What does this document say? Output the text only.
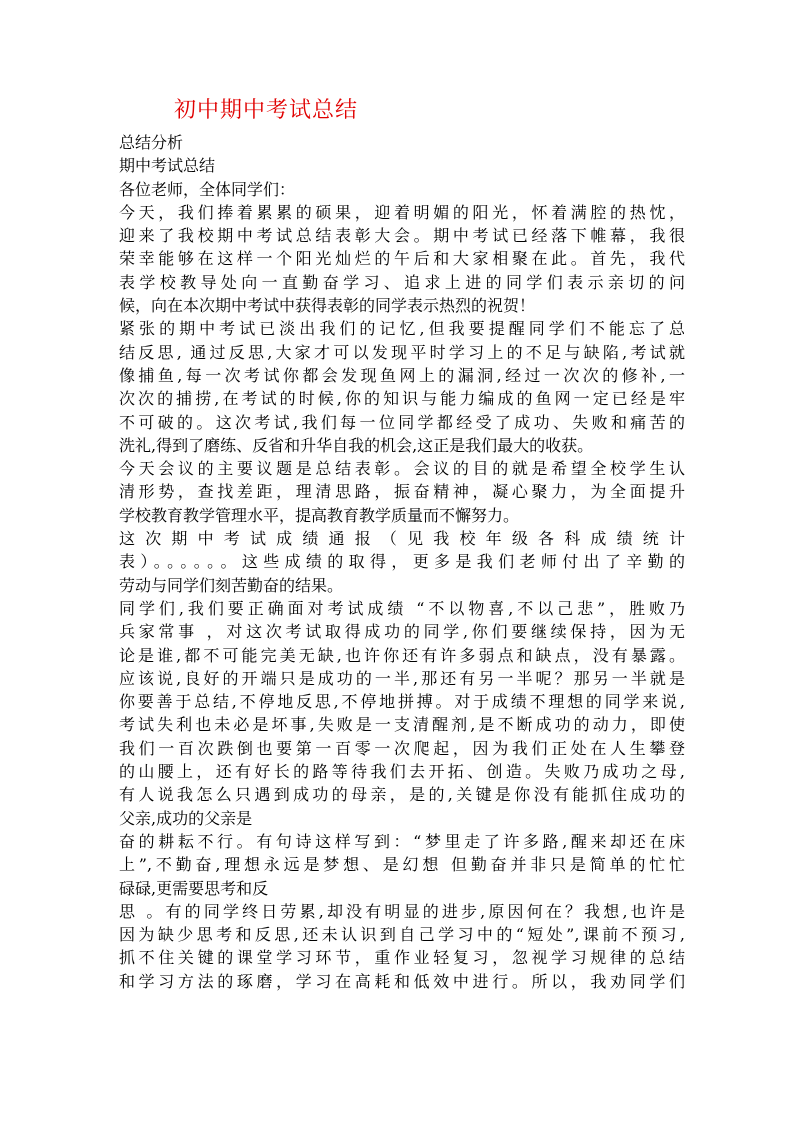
初中期中考试总结
总结分析
期中考试总结
各位老师，全体同学们：
今天，我们捧着累累的硕果，迎着明媚的阳光，怀着满腔的热忱，
迎来了我校期中考试总结表彰大会。期中考试已经落下帷幕，我很
荣幸能够在这样一个阳光灿烂的午后和大家相聚在此。首先，我代
表学校教导处向一直勤奋学习、追求上进的同学们表示亲切的问
候，向在本次期中考试中获得表彰的同学表示热烈的祝贺！
紧张的期中考试已淡出我们的记忆,但我要提醒同学们不能忘了总
结反思, 通过反思,大家才可以发现平时学习上的不足与缺陷,考试就
像捕鱼,每一次考试你都会发现鱼网上的漏洞,经过一次次的修补,一
次次的捕捞,在考试的时候,你的知识与能力编成的鱼网一定已经是牢
不可破的。这次考试,我们每一位同学都经受了成功、失败和痛苦的
洗礼,得到了磨练、反省和升华自我的机会,这正是我们最大的收获。
今天会议的主要议题是总结表彰。会议的目的就是希望全校学生认
清形势，查找差距，理清思路，振奋精神，凝心聚力，为全面提升
学校教育教学管理水平，提高教育教学质量而不懈努力。
这次期中考试成绩通报（见我校年级各科成绩统计
表）。。。。。。这些成绩的取得，更多是我们老师付出了辛勤的
劳动与同学们刻苦勤奋的结果。
同学们,我们要正确面对考试成绩 “不以物喜,不以己悲”，胜败乃
兵家常事 ，对这次考试取得成功的同学,你们要继续保持，因为无
论是谁,都不可能完美无缺,也许你还有许多弱点和缺点，没有暴露。
应该说,良好的开端只是成功的一半,那还有另一半呢？那另一半就是
你要善于总结,不停地反思,不停地拼搏。对于成绩不理想的同学来说,
考试失利也未必是坏事,失败是一支清醒剂,是不断成功的动力，即使
我们一百次跌倒也要第一百零一次爬起，因为我们正处在人生攀登
的山腰上，还有好长的路等待我们去开拓、创造。失败乃成功之母,
有人说我怎么只遇到成功的母亲，是的,关键是你没有能抓住成功的
父亲,成功的父亲是
奋的耕耘不行。有句诗这样写到：“梦里走了许多路,醒来却还在床
上”,不勤奋,理想永远是梦想、是幻想 但勤奋并非只是简单的忙忙
碌碌,更需要思考和反
思 。有的同学终日劳累,却没有明显的进步,原因何在？我想,也许是
因为缺少思考和反思,还未认识到自己学习中的“短处”,课前不预习,
抓不住关键的课堂学习环节，重作业轻复习，忽视学习规律的总结
和学习方法的琢磨，学习在高耗和低效中进行。所以，我劝同学们
